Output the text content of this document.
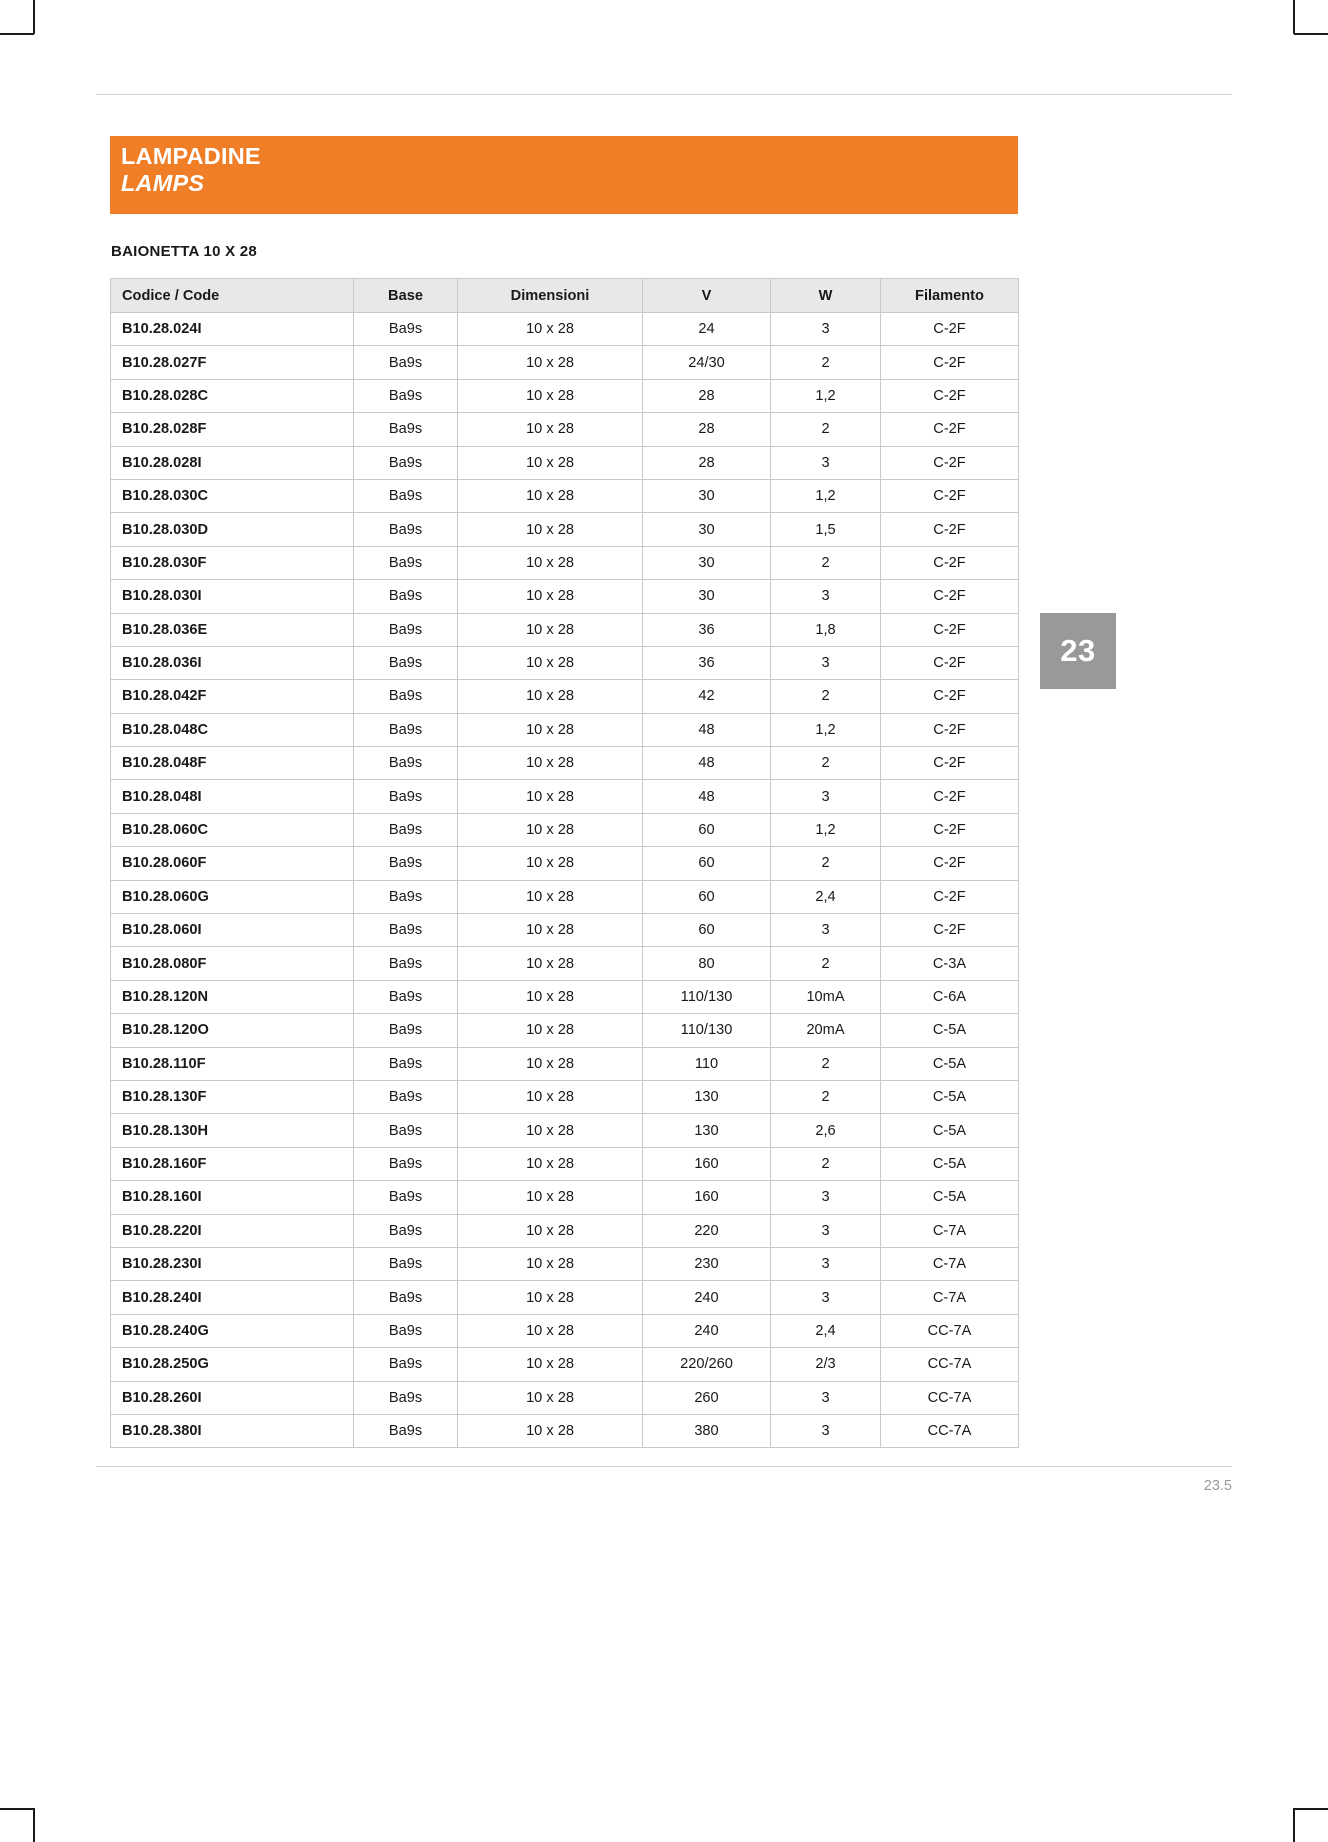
LAMPADINE
LAMPS
BAIONETTA 10 X 28
Codice / Code	Base	Dimensioni	V	W	Filamento
B10.28.024I	Ba9s	10 x 28	24	3	C-2F
B10.28.027F	Ba9s	10 x 28	24/30	2	C-2F
B10.28.028C	Ba9s	10 x 28	28	1,2	C-2F
B10.28.028F	Ba9s	10 x 28	28	2	C-2F
B10.28.028I	Ba9s	10 x 28	28	3	C-2F
B10.28.030C	Ba9s	10 x 28	30	1,2	C-2F
B10.28.030D	Ba9s	10 x 28	30	1,5	C-2F
B10.28.030F	Ba9s	10 x 28	30	2	C-2F
B10.28.030I	Ba9s	10 x 28	30	3	C-2F
B10.28.036E	Ba9s	10 x 28	36	1,8	C-2F
B10.28.036I	Ba9s	10 x 28	36	3	C-2F
B10.28.042F	Ba9s	10 x 28	42	2	C-2F
B10.28.048C	Ba9s	10 x 28	48	1,2	C-2F
B10.28.048F	Ba9s	10 x 28	48	2	C-2F
B10.28.048I	Ba9s	10 x 28	48	3	C-2F
B10.28.060C	Ba9s	10 x 28	60	1,2	C-2F
B10.28.060F	Ba9s	10 x 28	60	2	C-2F
B10.28.060G	Ba9s	10 x 28	60	2,4	C-2F
B10.28.060I	Ba9s	10 x 28	60	3	C-2F
B10.28.080F	Ba9s	10 x 28	80	2	C-3A
B10.28.120N	Ba9s	10 x 28	110/130	10mA	C-6A
B10.28.120O	Ba9s	10 x 28	110/130	20mA	C-5A
B10.28.110F	Ba9s	10 x 28	110	2	C-5A
B10.28.130F	Ba9s	10 x 28	130	2	C-5A
B10.28.130H	Ba9s	10 x 28	130	2,6	C-5A
B10.28.160F	Ba9s	10 x 28	160	2	C-5A
B10.28.160I	Ba9s	10 x 28	160	3	C-5A
B10.28.220I	Ba9s	10 x 28	220	3	C-7A
B10.28.230I	Ba9s	10 x 28	230	3	C-7A
B10.28.240I	Ba9s	10 x 28	240	3	C-7A
B10.28.240G	Ba9s	10 x 28	240	2,4	CC-7A
B10.28.250G	Ba9s	10 x 28	220/260	2/3	CC-7A
B10.28.260I	Ba9s	10 x 28	260	3	CC-7A
B10.28.380I	Ba9s	10 x 28	380	3	CC-7A
23
23.5
